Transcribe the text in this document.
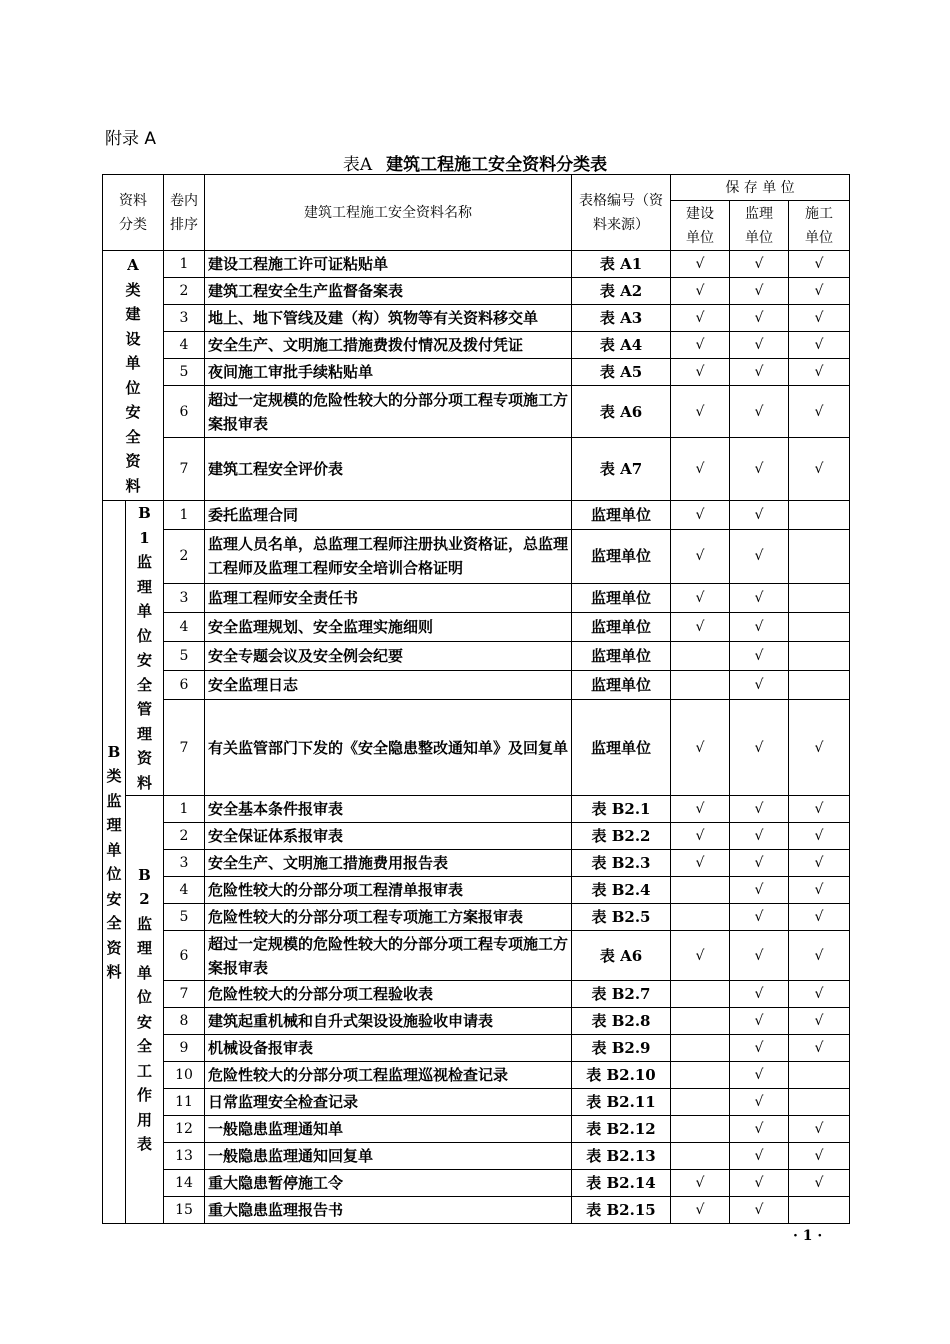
附录 A
表A 建筑工程施工安全资料分类表
资料分类		卷内排序	建筑工程施工安全资料名称	表格编号（资料来源）	保 存 单 位		

					建设单位	监理单位	施工单位

A类建设单位安全资料		1	建设工程施工许可证粘贴单	表 A1	√	√	√
		2	建筑工程安全生产监督备案表	表 A2	√	√	√
		3	地上、地下管线及建（构）筑物等有关资料移交单	表 A3	√	√	√
		4	安全生产、文明施工措施费拨付情况及拨付凭证	表 A4	√	√	√
		5	夜间施工审批手续粘贴单	表 A5	√	√	√
		6	超过一定规模的危险性较大的分部分项工程专项施工方案报审表	表 A6	√	√	√
		7	建筑工程安全评价表	表 A7	√	√	√

B类监理单位安全资料	B1监理单位安全管理资料	1	委托监理合同	监理单位	√	√	
		2	监理人员名单，总监理工程师注册执业资格证，总监理工程师及监理工程师安全培训合格证明	监理单位	√	√	
		3	监理工程师安全责任书	监理单位	√	√	
		4	安全监理规划、安全监理实施细则	监理单位	√	√	
		5	安全专题会议及安全例会纪要	监理单位		√	
		6	安全监理日志	监理单位		√	
		7	有关监管部门下发的《安全隐患整改通知单》及回复单	监理单位	√	√	√

	B2监理单位安全工作用表	1	安全基本条件报审表	表 B2.1	√	√	√
		2	安全保证体系报审表	表 B2.2	√	√	√
		3	安全生产、文明施工措施费用报告表	表 B2.3	√	√	√
		4	危险性较大的分部分项工程清单报审表	表 B2.4		√	√
		5	危险性较大的分部分项工程专项施工方案报审表	表 B2.5		√	√
		6	超过一定规模的危险性较大的分部分项工程专项施工方案报审表	表 A6	√	√	√
		7	危险性较大的分部分项工程验收表	表 B2.7		√	√
		8	建筑起重机械和自升式架设设施验收申请表	表 B2.8		√	√
		9	机械设备报审表	表 B2.9		√	√
		10	危险性较大的分部分项工程监理巡视检查记录	表 B2.10		√	
		11	日常监理安全检查记录	表 B2.11		√	
		12	一般隐患监理通知单	表 B2.12		√	√
		13	一般隐患监理通知回复单	表 B2.13		√	√
		14	重大隐患暂停施工令	表 B2.14	√	√	√
		15	重大隐患监理报告书	表 B2.15	√	√	
· 1 ·
